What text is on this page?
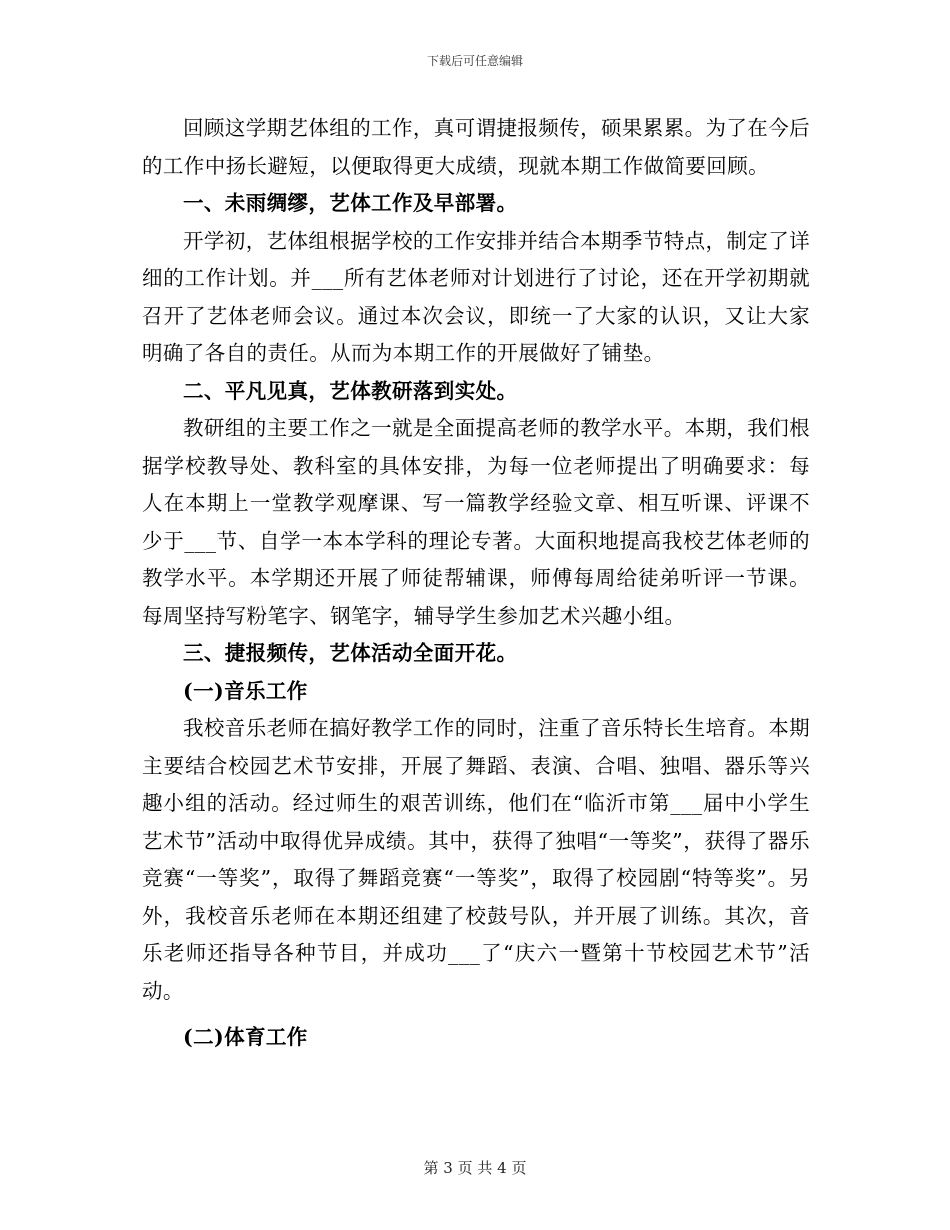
下载后可任意编辑

回顾这学期艺体组的工作，真可谓捷报频传，硕果累累。为了在今后的工作中扬长避短，以便取得更大成绩，现就本期工作做简要回顾。

一、未雨绸缪，艺体工作及早部署。

开学初，艺体组根据学校的工作安排并结合本期季节特点，制定了详细的工作计划。并___所有艺体老师对计划进行了讨论，还在开学初期就召开了艺体老师会议。通过本次会议，即统一了大家的认识，又让大家明确了各自的责任。从而为本期工作的开展做好了铺垫。

二、平凡见真，艺体教研落到实处。

教研组的主要工作之一就是全面提高老师的教学水平。本期，我们根据学校教导处、教科室的具体安排，为每一位老师提出了明确要求：每人在本期上一堂教学观摩课、写一篇教学经验文章、相互听课、评课不少于___节、自学一本本学科的理论专著。大面积地提高我校艺体老师的教学水平。本学期还开展了师徒帮辅课，师傅每周给徒弟听评一节课。每周坚持写粉笔字、钢笔字，辅导学生参加艺术兴趣小组。

三、捷报频传，艺体活动全面开花。

(一)音乐工作

我校音乐老师在搞好教学工作的同时，注重了音乐特长生培育。本期主要结合校园艺术节安排，开展了舞蹈、表演、合唱、独唱、器乐等兴趣小组的活动。经过师生的艰苦训练，他们在“临沂市第___届中小学生艺术节”活动中取得优异成绩。其中，获得了独唱“一等奖”，获得了器乐竞赛“一等奖”，取得了舞蹈竞赛“一等奖”，取得了校园剧“特等奖”。另外，我校音乐老师在本期还组建了校鼓号队，并开展了训练。其次，音乐老师还指导各种节目，并成功___了“庆六一暨第十节校园艺术节”活动。

(二)体育工作

第 3 页 共 4 页
